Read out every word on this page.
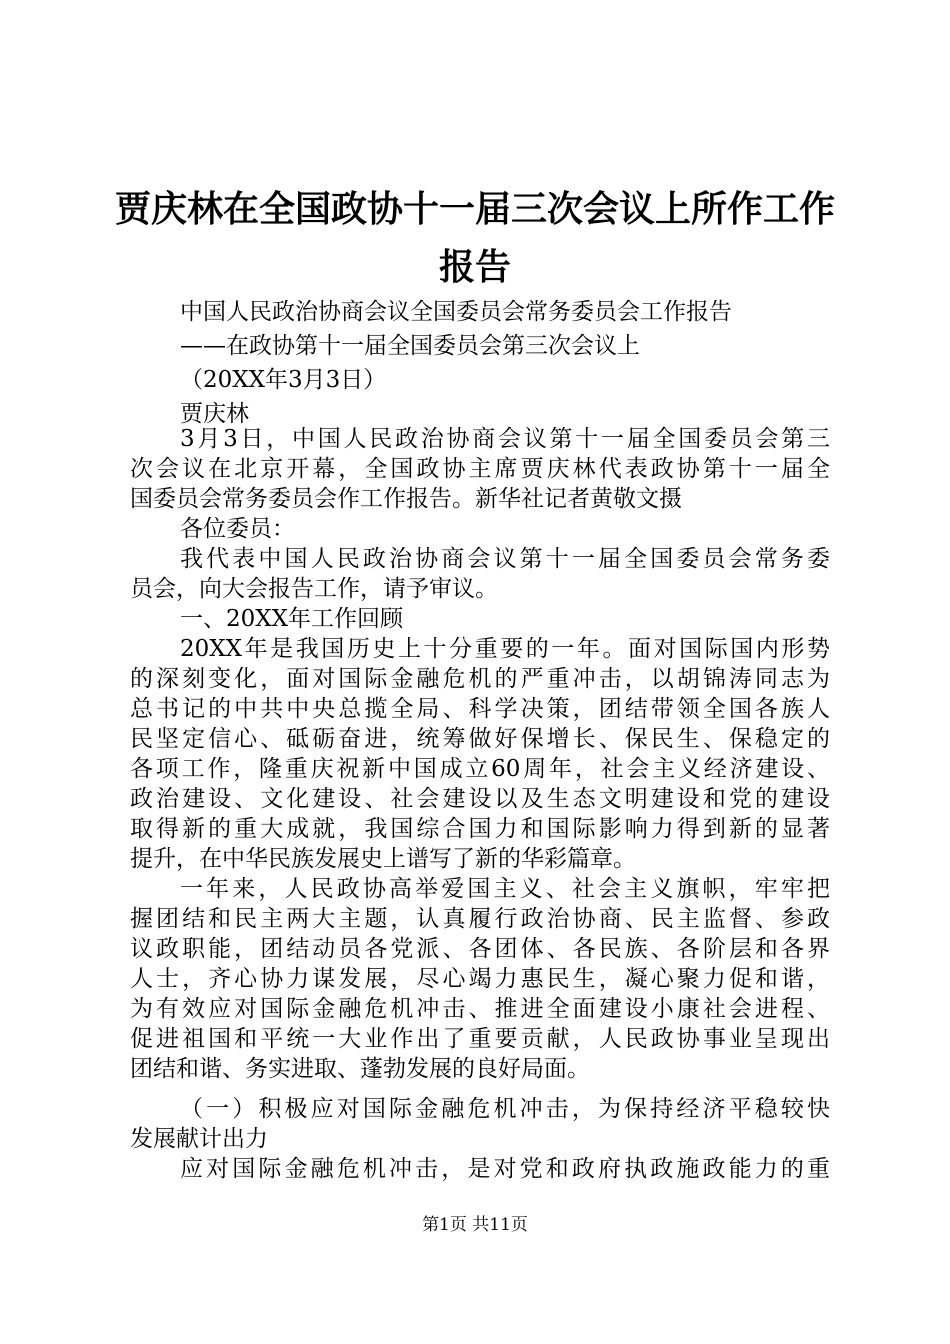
贾庆林在全国政协十一届三次会议上所作工作
报告

中国人民政治协商会议全国委员会常务委员会工作报告

——在政协第十一届全国委员会第三次会议上

（20XX年3月3日）

贾庆林

3月3日，中国人民政治协商会议第十一届全国委员会第三

次会议在北京开幕，全国政协主席贾庆林代表政协第十一届全

国委员会常务委员会作工作报告。新华社记者黄敬文摄

各位委员：

我代表中国人民政治协商会议第十一届全国委员会常务委

员会，向大会报告工作，请予审议。

一、20XX年工作回顾

20XX年是我国历史上十分重要的一年。面对国际国内形势

的深刻变化，面对国际金融危机的严重冲击，以胡锦涛同志为

总书记的中共中央总揽全局、科学决策，团结带领全国各族人

民坚定信心、砥砺奋进，统筹做好保增长、保民生、保稳定的

各项工作，隆重庆祝新中国成立60周年，社会主义经济建设、

政治建设、文化建设、社会建设以及生态文明建设和党的建设

取得新的重大成就，我国综合国力和国际影响力得到新的显著

提升，在中华民族发展史上谱写了新的华彩篇章。

一年来，人民政协高举爱国主义、社会主义旗帜，牢牢把

握团结和民主两大主题，认真履行政治协商、民主监督、参政

议政职能，团结动员各党派、各团体、各民族、各阶层和各界

人士，齐心协力谋发展，尽心竭力惠民生，凝心聚力促和谐，

为有效应对国际金融危机冲击、推进全面建设小康社会进程、

促进祖国和平统一大业作出了重要贡献，人民政协事业呈现出

团结和谐、务实进取、蓬勃发展的良好局面。

（一）积极应对国际金融危机冲击，为保持经济平稳较快

发展献计出力

应对国际金融危机冲击，是对党和政府执政施政能力的重

第1页 共11页
